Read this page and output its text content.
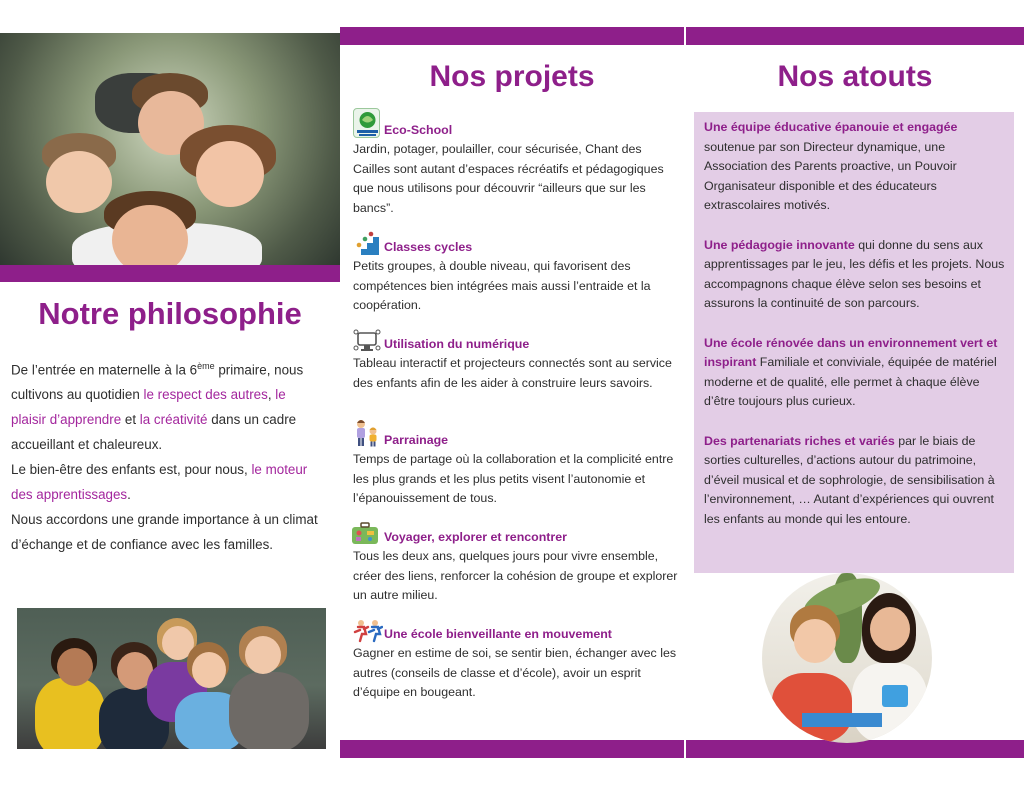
Notre philosophie
De l’entrée en maternelle à la 6ème primaire, nous cultivons au quotidien le respect des autres, le plaisir d’apprendre et la créativité dans un cadre accueillant et chaleureux.
Le bien-être des enfants est, pour nous, le moteur des apprentissages.
Nous accordons une grande importance à un climat d’échange et de confiance avec les familles.
Nos projets
Eco-School
Jardin, potager, poulailler, cour sécurisée, Chant des Cailles sont autant d’espaces récréatifs et pédagogiques que nous utilisons pour découvrir “ailleurs que sur les bancs”.
Classes cycles
Petits groupes, à double niveau, qui favorisent des compétences bien intégrées mais aussi l’entraide et la coopération.
Utilisation du numérique
Tableau interactif et projecteurs connectés sont au service des enfants afin de les aider à construire leurs savoirs.
Parrainage
Temps de partage où la collaboration et la complicité entre les plus grands et les plus petits visent l’autonomie et l’épanouissement de tous.
Voyager, explorer et rencontrer
Tous les deux ans, quelques jours pour vivre ensemble, créer des liens, renforcer la cohésion de groupe et explorer un autre milieu.
Une école bienveillante en mouvement
Gagner en estime de soi, se sentir bien, échanger avec les autres (conseils de classe et d’école), avoir un esprit d’équipe en bougeant.
Nos atouts

Une équipe éducative épanouie et engagée soutenue par son Directeur dynamique, une Association des Parents proactive, un Pouvoir Organisateur disponible et des éducateurs extrascolaires motivés.

Une pédagogie innovante qui donne du sens aux apprentissages par le jeu, les défis et les projets. Nous accompagnons chaque élève selon ses besoins et assurons la continuité de son parcours.

Une école rénovée dans un environnement vert et inspirant Familiale et conviviale, équipée de matériel moderne et de qualité, elle permet à chaque élève d’être toujours plus curieux.

Des partenariats riches et variés par le biais de sorties culturelles, d’actions autour du patrimoine, d’éveil musical et de sophrologie, de sensibilisation à l’environnement, … Autant d’expériences qui ouvrent les enfants au monde qui les entoure.
